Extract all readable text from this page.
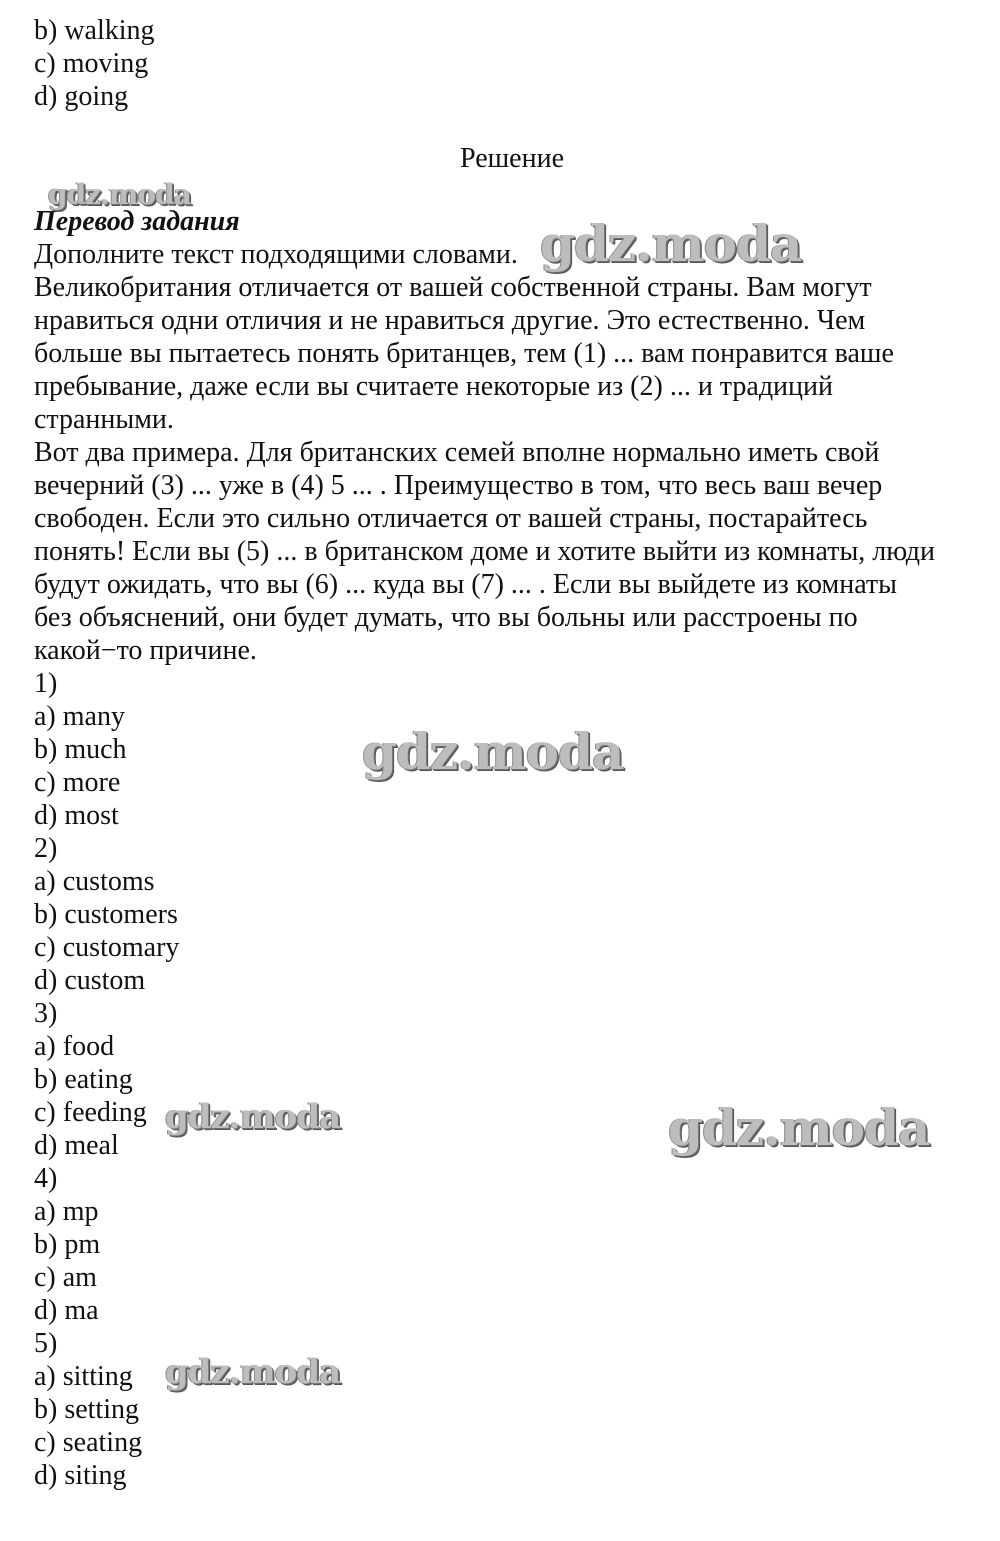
b) walking
c) moving
d) going
Решение
Перевод задания
Дополните текст подходящими словами.
Великобритания отличается от вашей собственной страны. Вам могут
нравиться одни отличия и не нравиться другие. Это естественно. Чем
больше вы пытаетесь понять британцев, тем (1) ... вам понравится ваше
пребывание, даже если вы считаете некоторые из (2) ... и традиций
странными.
Вот два примера. Для британских семей вполне нормально иметь свой
вечерний (3) ... уже в (4) 5 ... . Преимущество в том, что весь ваш вечер
свободен. Если это сильно отличается от вашей страны, постарайтесь
понять! Если вы (5) ... в британском доме и хотите выйти из комнаты, люди
будут ожидать, что вы (6) ... куда вы (7) ... . Если вы выйдете из комнаты
без объяснений, они будет думать, что вы больны или расстроены по
какой−то причине.
1)
a) many
b) much
c) more
d) most
2)
a) customs
b) customers
c) customary
d) custom
3)
a) food
b) eating
c) feeding
d) meal
4)
a) mp
b) pm
c) am
d) ma
5)
a) sitting
b) setting
c) seating
d) siting
gdz.moda
gdz.moda
gdz.moda
gdz.moda	gdz.moda
gdz.moda
